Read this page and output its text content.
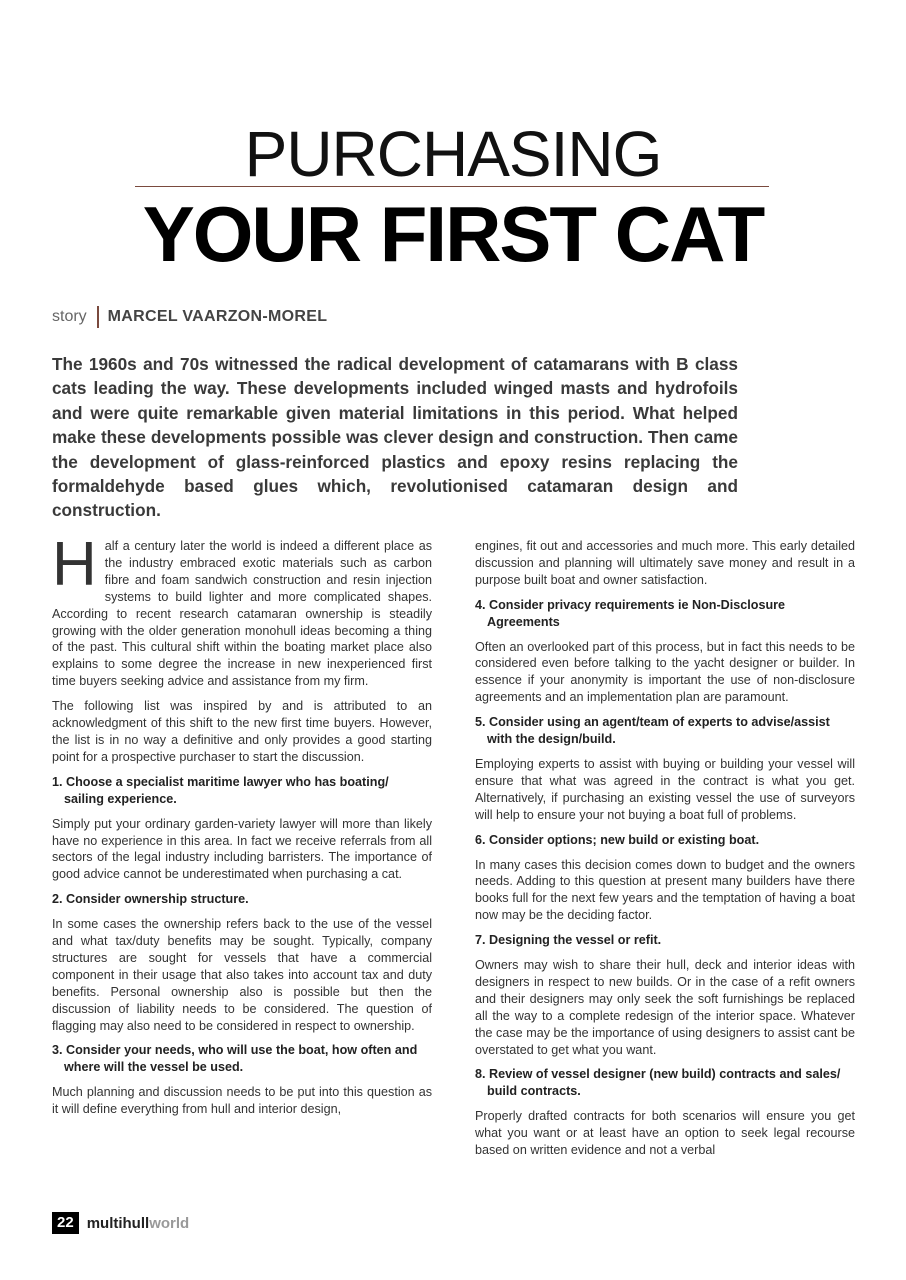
PURCHASING
YOUR FIRST CAT
story MARCEL VAARZON-MOREL

The 1960s and 70s witnessed the radical development of catamarans with B class cats leading the way. These developments included winged masts and hydrofoils and were quite remarkable given material limitations in this period. What helped make these developments possible was clever design and construction. Then came the development of glass-reinforced plastics and epoxy resins replacing the formaldehyde based glues which, revolutionised catamaran design and construction.

Half a century later the world is indeed a different place as the industry embraced exotic materials such as carbon fibre and foam sandwich construction and resin injection systems to build lighter and more complicated shapes. According to recent research catamaran ownership is steadily growing with the older generation monohull ideas becoming a thing of the past. This cultural shift within the boating market place also explains to some degree the increase in new inexperienced first time buyers seeking advice and assistance from my firm.

The following list was inspired by and is attributed to an acknowledgment of this shift to the new first time buyers. However, the list is in no way a definitive and only provides a good starting point for a prospective purchaser to start the discussion.

1. Choose a specialist maritime lawyer who has boating/ sailing experience.

Simply put your ordinary garden-variety lawyer will more than likely have no experience in this area. In fact we receive referrals from all sectors of the legal industry including barristers. The importance of good advice cannot be underestimated when purchasing a cat.

2. Consider ownership structure.

In some cases the ownership refers back to the use of the vessel and what tax/duty benefits may be sought. Typically, company structures are sought for vessels that have a commercial component in their usage that also takes into account tax and duty benefits. Personal ownership also is possible but then the discussion of liability needs to be considered. The question of flagging may also need to be considered in respect to ownership.

3. Consider your needs, who will use the boat, how often and where will the vessel be used.

Much planning and discussion needs to be put into this question as it will define everything from hull and interior design,

engines, fit out and accessories and much more. This early detailed discussion and planning will ultimately save money and result in a purpose built boat and owner satisfaction.

4. Consider privacy requirements ie Non-Disclosure Agreements

Often an overlooked part of this process, but in fact this needs to be considered even before talking to the yacht designer or builder. In essence if your anonymity is important the use of non-disclosure agreements and an implementation plan are paramount.

5. Consider using an agent/team of experts to advise/assist with the design/build.

Employing experts to assist with buying or building your vessel will ensure that what was agreed in the contract is what you get. Alternatively, if purchasing an existing vessel the use of surveyors will help to ensure your not buying a boat full of problems.

6. Consider options; new build or existing boat.

In many cases this decision comes down to budget and the owners needs. Adding to this question at present many builders have there books full for the next few years and the temptation of having a boat now may be the deciding factor.

7. Designing the vessel or refit.

Owners may wish to share their hull, deck and interior ideas with designers in respect to new builds. Or in the case of a refit owners and their designers may only seek the soft furnishings be replaced all the way to a complete redesign of the interior space. Whatever the case may be the importance of using designers to assist cant be overstated to get what you want.

8. Review of vessel designer (new build) contracts and sales/ build contracts.

Properly drafted contracts for both scenarios will ensure you get what you want or at least have an option to seek legal recourse based on written evidence and not a verbal

22 multihullworld
